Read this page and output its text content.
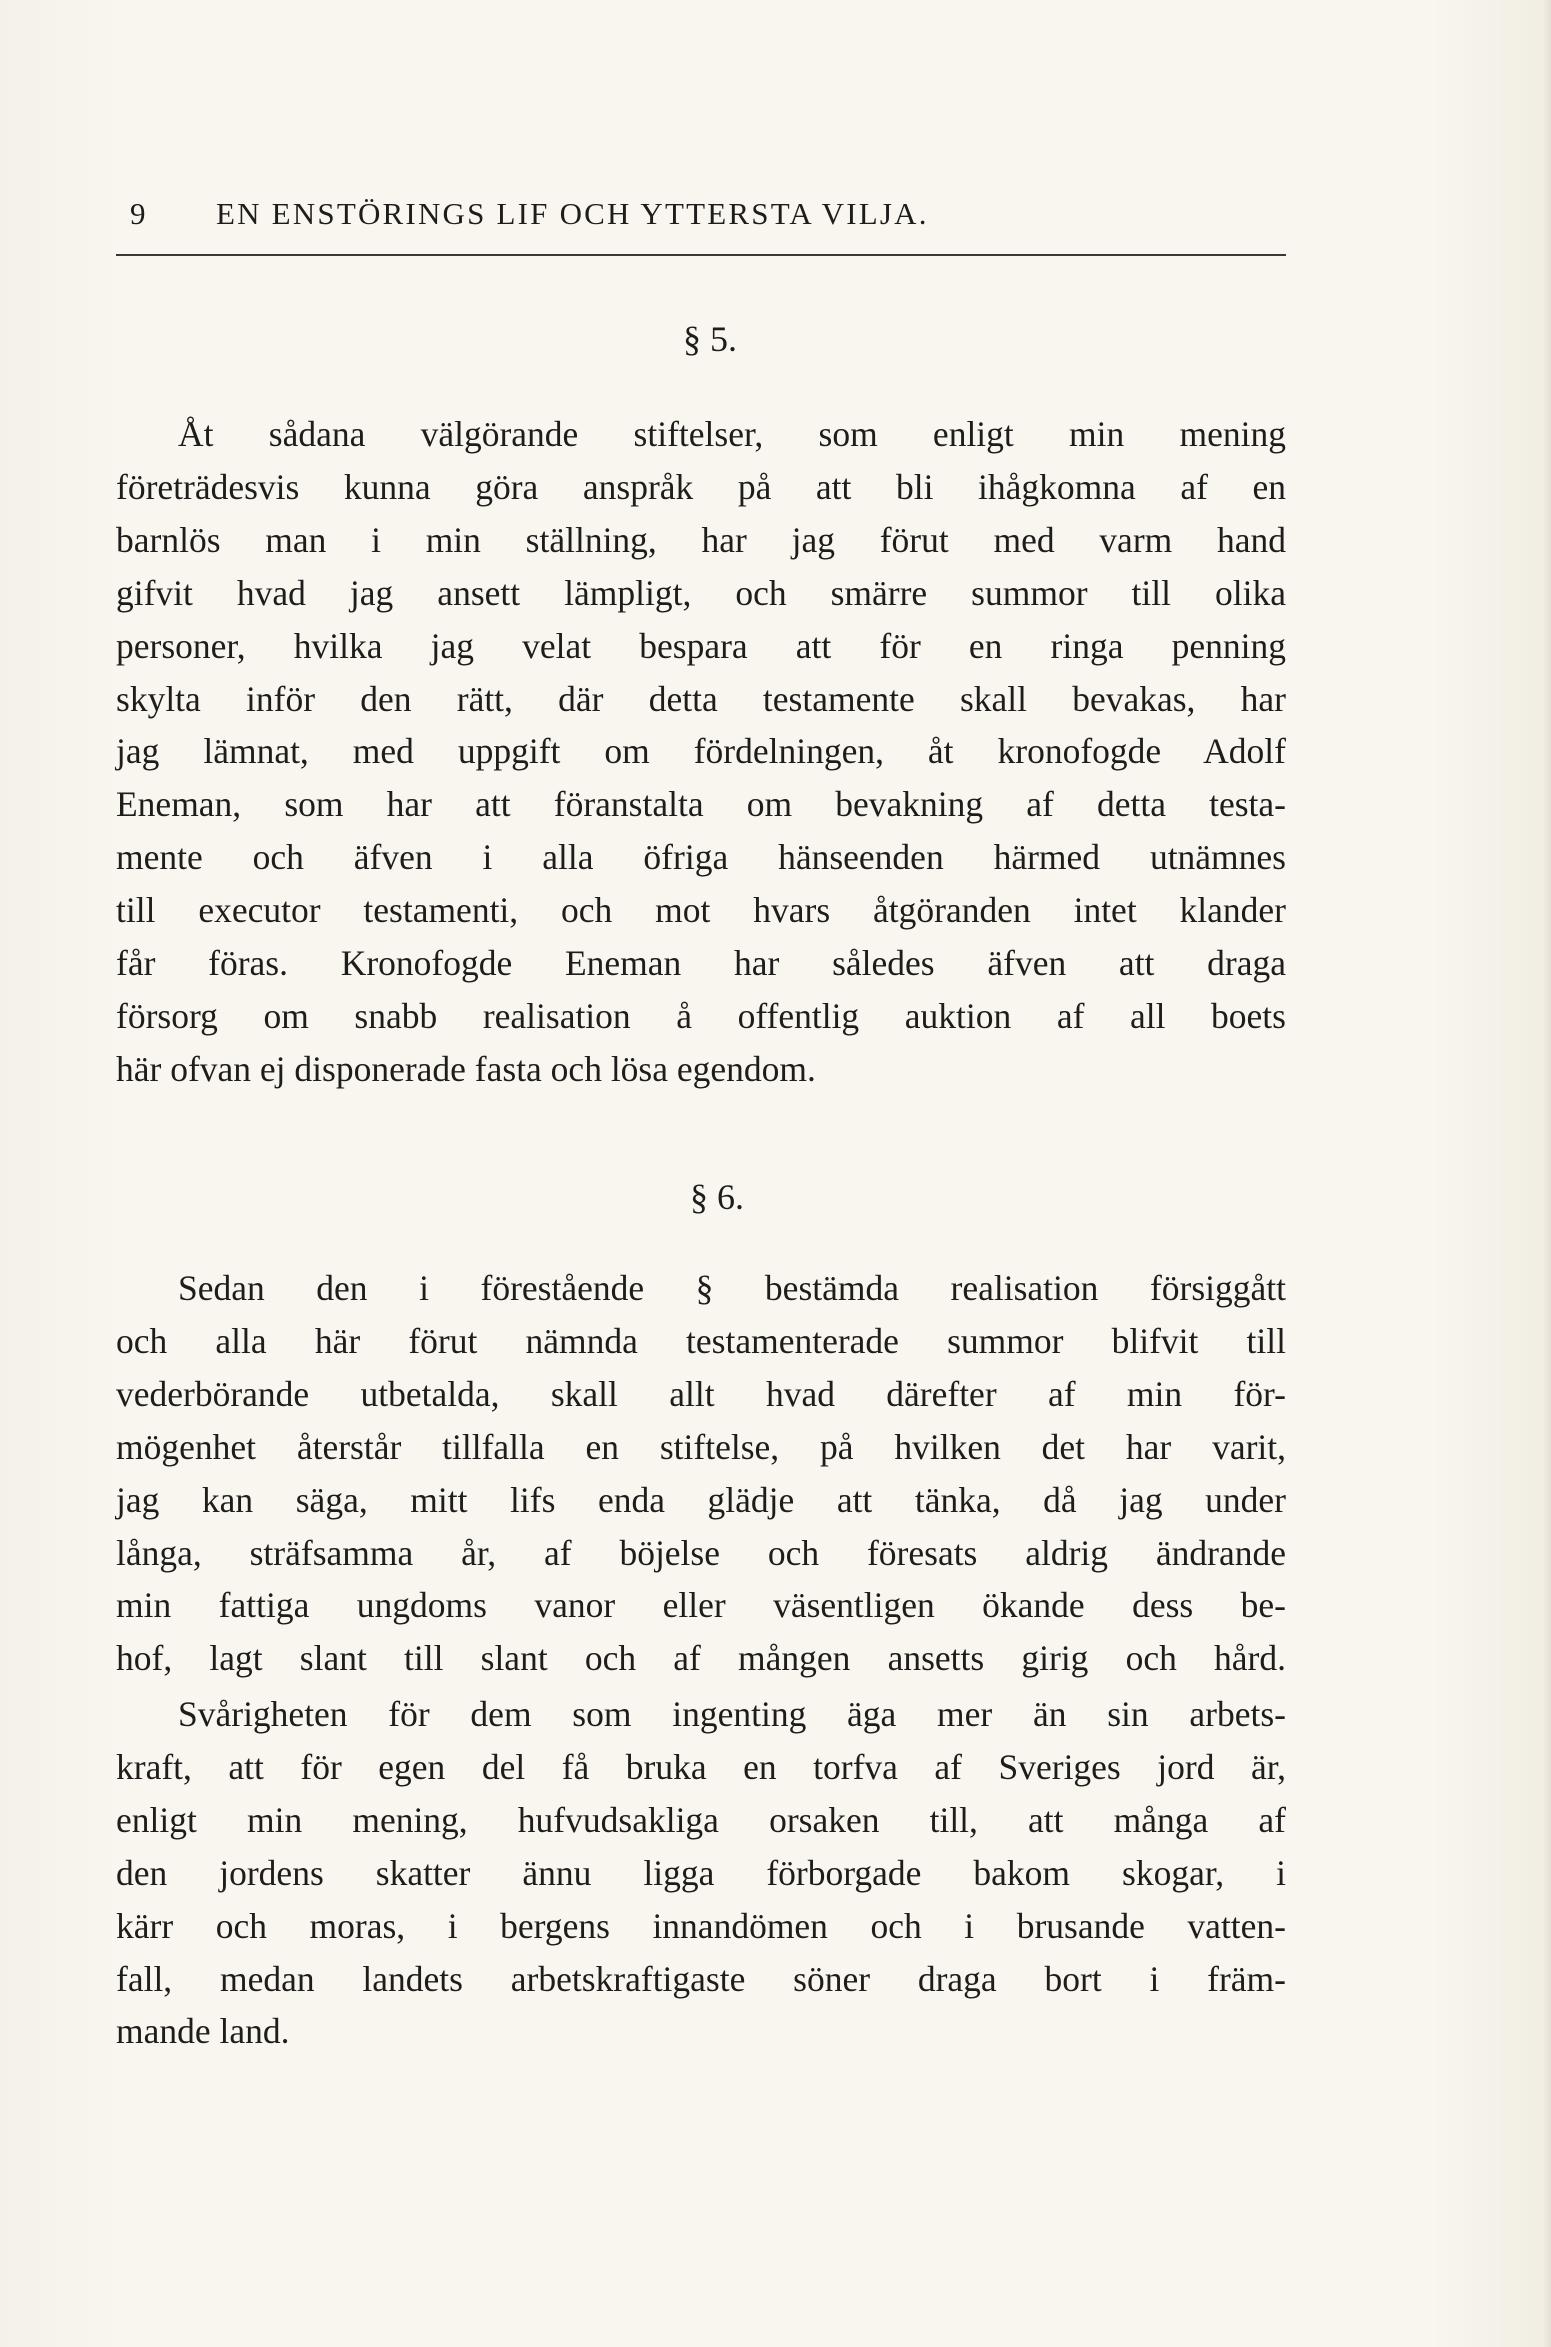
9 EN ENSTÖRINGS LIF OCH YTTERSTA VILJA.
§ 5.
Åt sådana välgörande stiftelser, som enligt min mening
företrädesvis kunna göra anspråk på att bli ihågkomna af en
barnlös man i min ställning, har jag förut med varm hand
gifvit hvad jag ansett lämpligt, och smärre summor till olika
personer, hvilka jag velat bespara att för en ringa penning
skylta inför den rätt, där detta testamente skall bevakas, har
jag lämnat, med uppgift om fördelningen, åt kronofogde Adolf
Eneman, som har att föranstalta om bevakning af detta testa-
mente och äfven i alla öfriga hänseenden härmed utnämnes
till executor testamenti, och mot hvars åtgöranden intet klander
får föras. Kronofogde Eneman har således äfven att draga
försorg om snabb realisation å offentlig auktion af all boets
här ofvan ej disponerade fasta och lösa egendom.
§ 6.
Sedan den i förestående § bestämda realisation försiggått
och alla här förut nämnda testamenterade summor blifvit till
vederbörande utbetalda, skall allt hvad därefter af min för-
mögenhet återstår tillfalla en stiftelse, på hvilken det har varit,
jag kan säga, mitt lifs enda glädje att tänka, då jag under
långa, sträfsamma år, af böjelse och föresats aldrig ändrande
min fattiga ungdoms vanor eller väsentligen ökande dess be-
hof, lagt slant till slant och af mången ansetts girig och hård.
Svårigheten för dem som ingenting äga mer än sin arbets-
kraft, att för egen del få bruka en torfva af Sveriges jord är,
enligt min mening, hufvudsakliga orsaken till, att många af
den jordens skatter ännu ligga förborgade bakom skogar, i
kärr och moras, i bergens innandömen och i brusande vatten-
fall, medan landets arbetskraftigaste söner draga bort i främ-
mande land.
